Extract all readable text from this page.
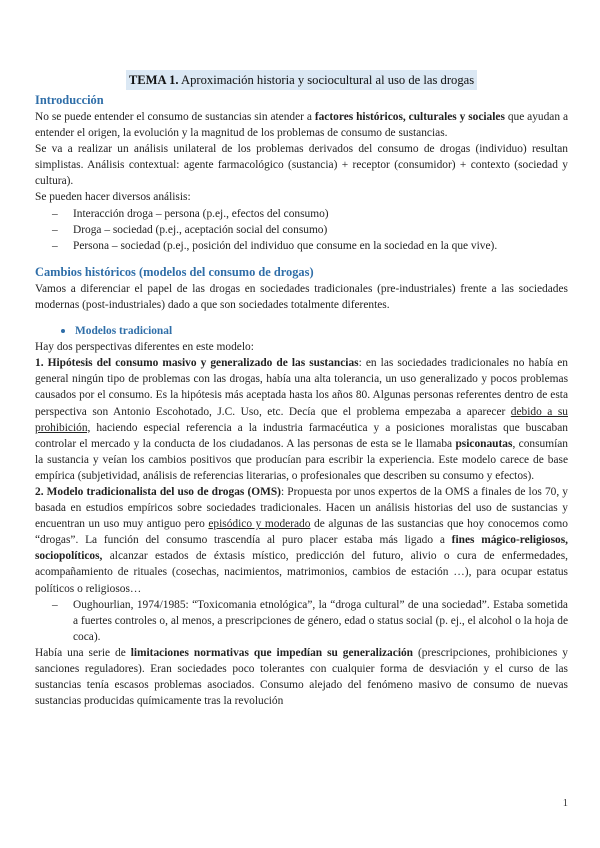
TEMA 1. Aproximación historia y sociocultural al uso de las drogas
Introducción

No se puede entender el consumo de sustancias sin atender a factores históricos, culturales y sociales que ayudan a entender el origen, la evolución y la magnitud de los problemas de consumo de sustancias.

Se va a realizar un análisis unilateral de los problemas derivados del consumo de drogas (individuo) resultan simplistas. Análisis contextual: agente farmacológico (sustancia) + receptor (consumidor) + contexto (sociedad y cultura).

Se pueden hacer diversos análisis:

– Interacción droga – persona (p.ej., efectos del consumo)
– Droga – sociedad (p.ej., aceptación social del consumo)
– Persona – sociedad (p.ej., posición del individuo que consume en la sociedad en la que vive).
Cambios históricos (modelos del consumo de drogas)

Vamos a diferenciar el papel de las drogas en sociedades tradicionales (pre-industriales) frente a las sociedades modernas (post-industriales) dado a que son sociedades totalmente diferentes.

Modelos tradicional

Hay dos perspectivas diferentes en este modelo:

1. Hipótesis del consumo masivo y generalizado de las sustancias: en las sociedades tradicionales no había en general ningún tipo de problemas con las drogas, había una alta tolerancia, un uso generalizado y pocos problemas causados por el consumo. Es la hipótesis más aceptada hasta los años 80. Algunas personas referentes dentro de esta perspectiva son Antonio Escohotado, J.C. Uso, etc. Decía que el problema empezaba a aparecer debido a su prohibición, haciendo especial referencia a la industria farmacéutica y a posiciones moralistas que buscaban controlar el mercado y la conducta de los ciudadanos. A las personas de esta se le llamaba psiconautas, consumían la sustancia y veían los cambios positivos que producían para escribir la experiencia. Este modelo carece de base empírica (subjetividad, análisis de referencias literarias, o profesionales que describen su consumo y efectos).

2. Modelo tradicionalista del uso de drogas (OMS): Propuesta por unos expertos de la OMS a finales de los 70, y basada en estudios empíricos sobre sociedades tradicionales. Hacen un análisis historias del uso de sustancias y encuentran un uso muy antiguo pero episódico y moderado de algunas de las sustancias que hoy conocemos como “drogas”. La función del consumo trascendía al puro placer estaba más ligado a fines mágico-religiosos, sociopolíticos, alcanzar estados de éxtasis místico, predicción del futuro, alivio o cura de enfermedades, acompañamiento de rituales (cosechas, nacimientos, matrimonios, cambios de estación …), para ocupar estatus políticos o religiosos…

– Oughourlian, 1974/1985: “Toxicomania etnológica”, la “droga cultural” de una sociedad”. Estaba sometida a fuertes controles o, al menos, a prescripciones de género, edad o status social (p. ej., el alcohol o la hoja de coca).

Había una serie de limitaciones normativas que impedían su generalización (prescripciones, prohibiciones y sanciones reguladores). Eran sociedades poco tolerantes con cualquier forma de desviación y el curso de las sustancias tenía escasos problemas asociados. Consumo alejado del fenómeno masivo de consumo de nuevas sustancias producidas químicamente tras la revolución

1
